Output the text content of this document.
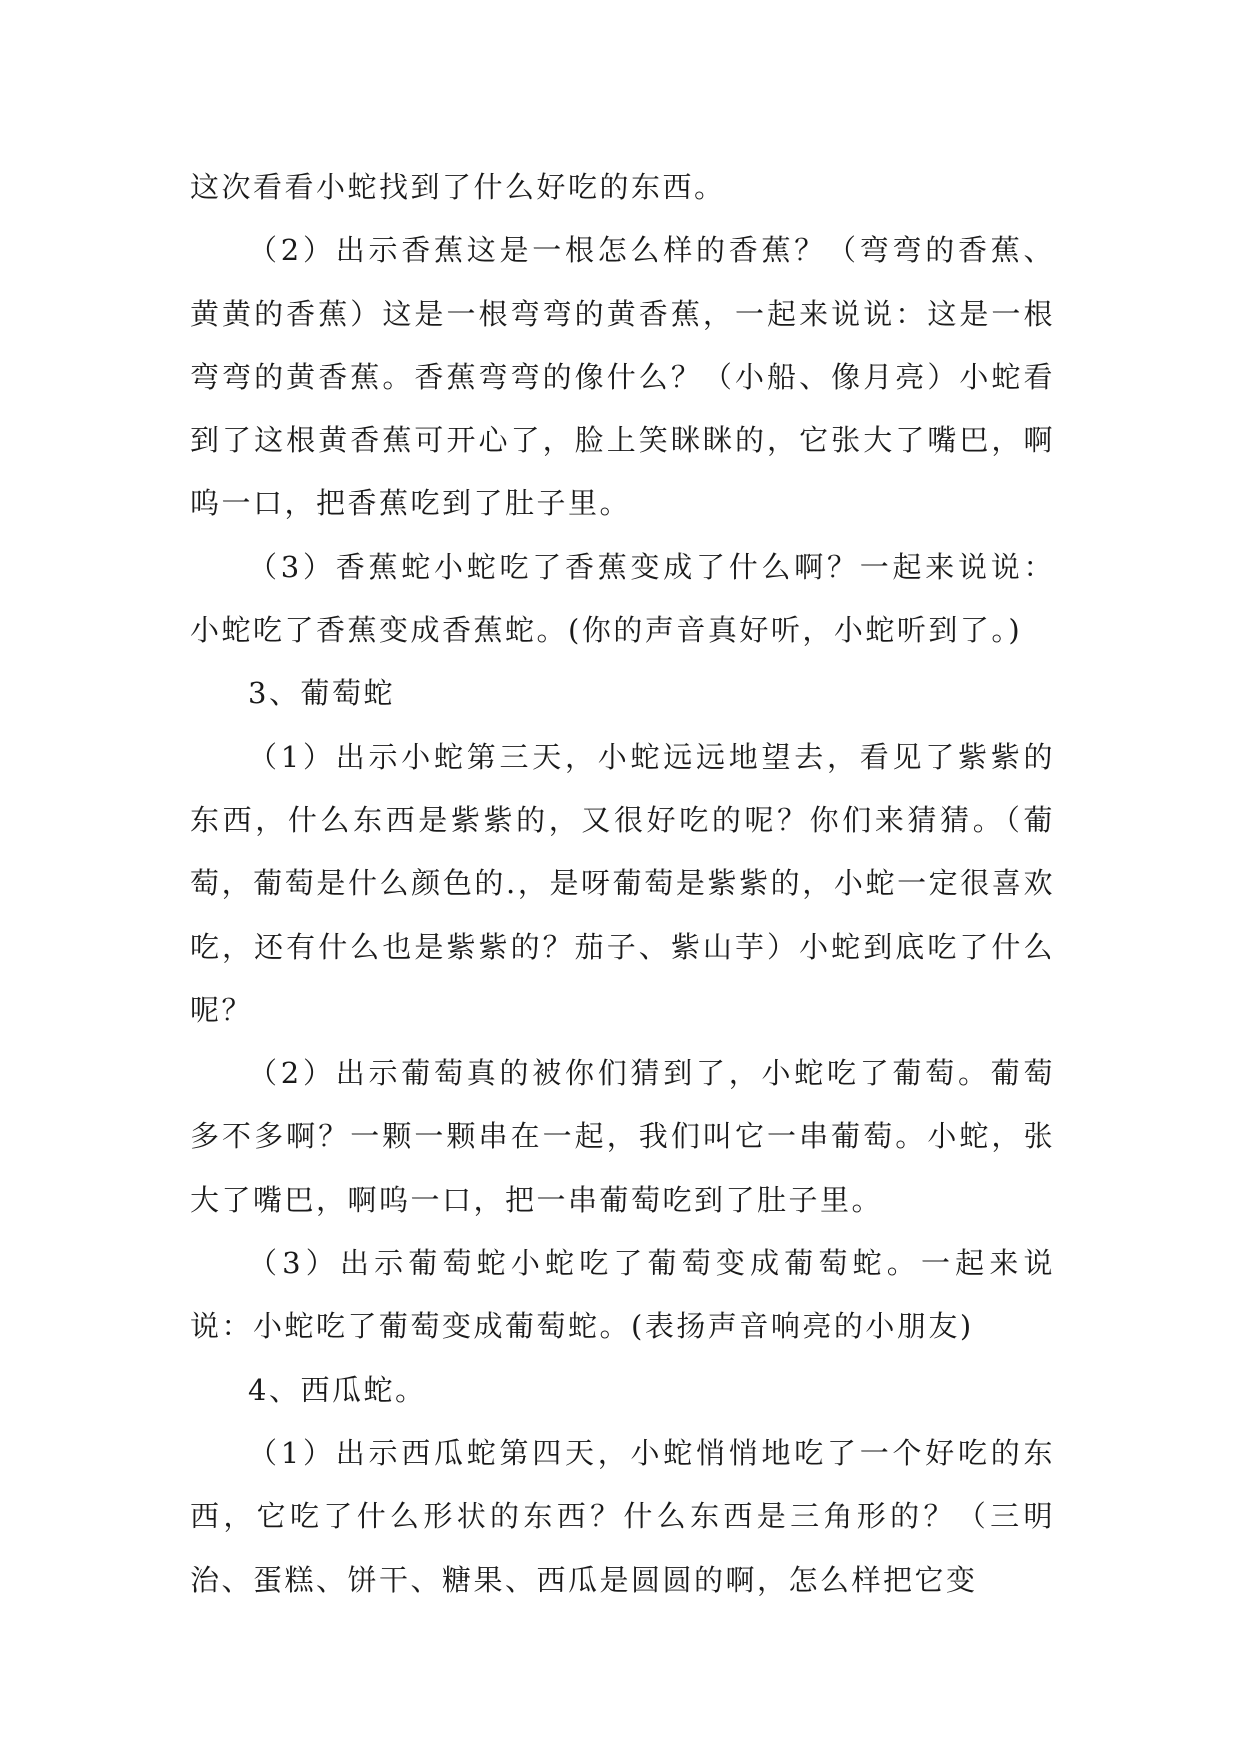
这次看看小蛇找到了什么好吃的东西。

（2）出示香蕉这是一根怎么样的香蕉？（弯弯的香蕉、黄黄的香蕉）这是一根弯弯的黄香蕉，一起来说说：这是一根弯弯的黄香蕉。香蕉弯弯的像什么？（小船、像月亮）小蛇看到了这根黄香蕉可开心了，脸上笑眯眯的，它张大了嘴巴，啊呜一口，把香蕉吃到了肚子里。

（3）香蕉蛇小蛇吃了香蕉变成了什么啊？一起来说说：小蛇吃了香蕉变成香蕉蛇。(你的声音真好听，小蛇听到了。)

3、葡萄蛇

（1）出示小蛇第三天，小蛇远远地望去，看见了紫紫的东西，什么东西是紫紫的，又很好吃的呢？你们来猜猜。（葡萄，葡萄是什么颜色的.，是呀葡萄是紫紫的，小蛇一定很喜欢吃，还有什么也是紫紫的？茄子、紫山芋）小蛇到底吃了什么呢？

（2）出示葡萄真的被你们猜到了，小蛇吃了葡萄。葡萄多不多啊？一颗一颗串在一起，我们叫它一串葡萄。小蛇，张大了嘴巴，啊呜一口，把一串葡萄吃到了肚子里。

（3）出示葡萄蛇小蛇吃了葡萄变成葡萄蛇。一起来说说：小蛇吃了葡萄变成葡萄蛇。(表扬声音响亮的小朋友)

4、西瓜蛇。

（1）出示西瓜蛇第四天，小蛇悄悄地吃了一个好吃的东西，它吃了什么形状的东西？什么东西是三角形的？（三明治、蛋糕、饼干、糖果、西瓜是圆圆的啊，怎么样把它变
